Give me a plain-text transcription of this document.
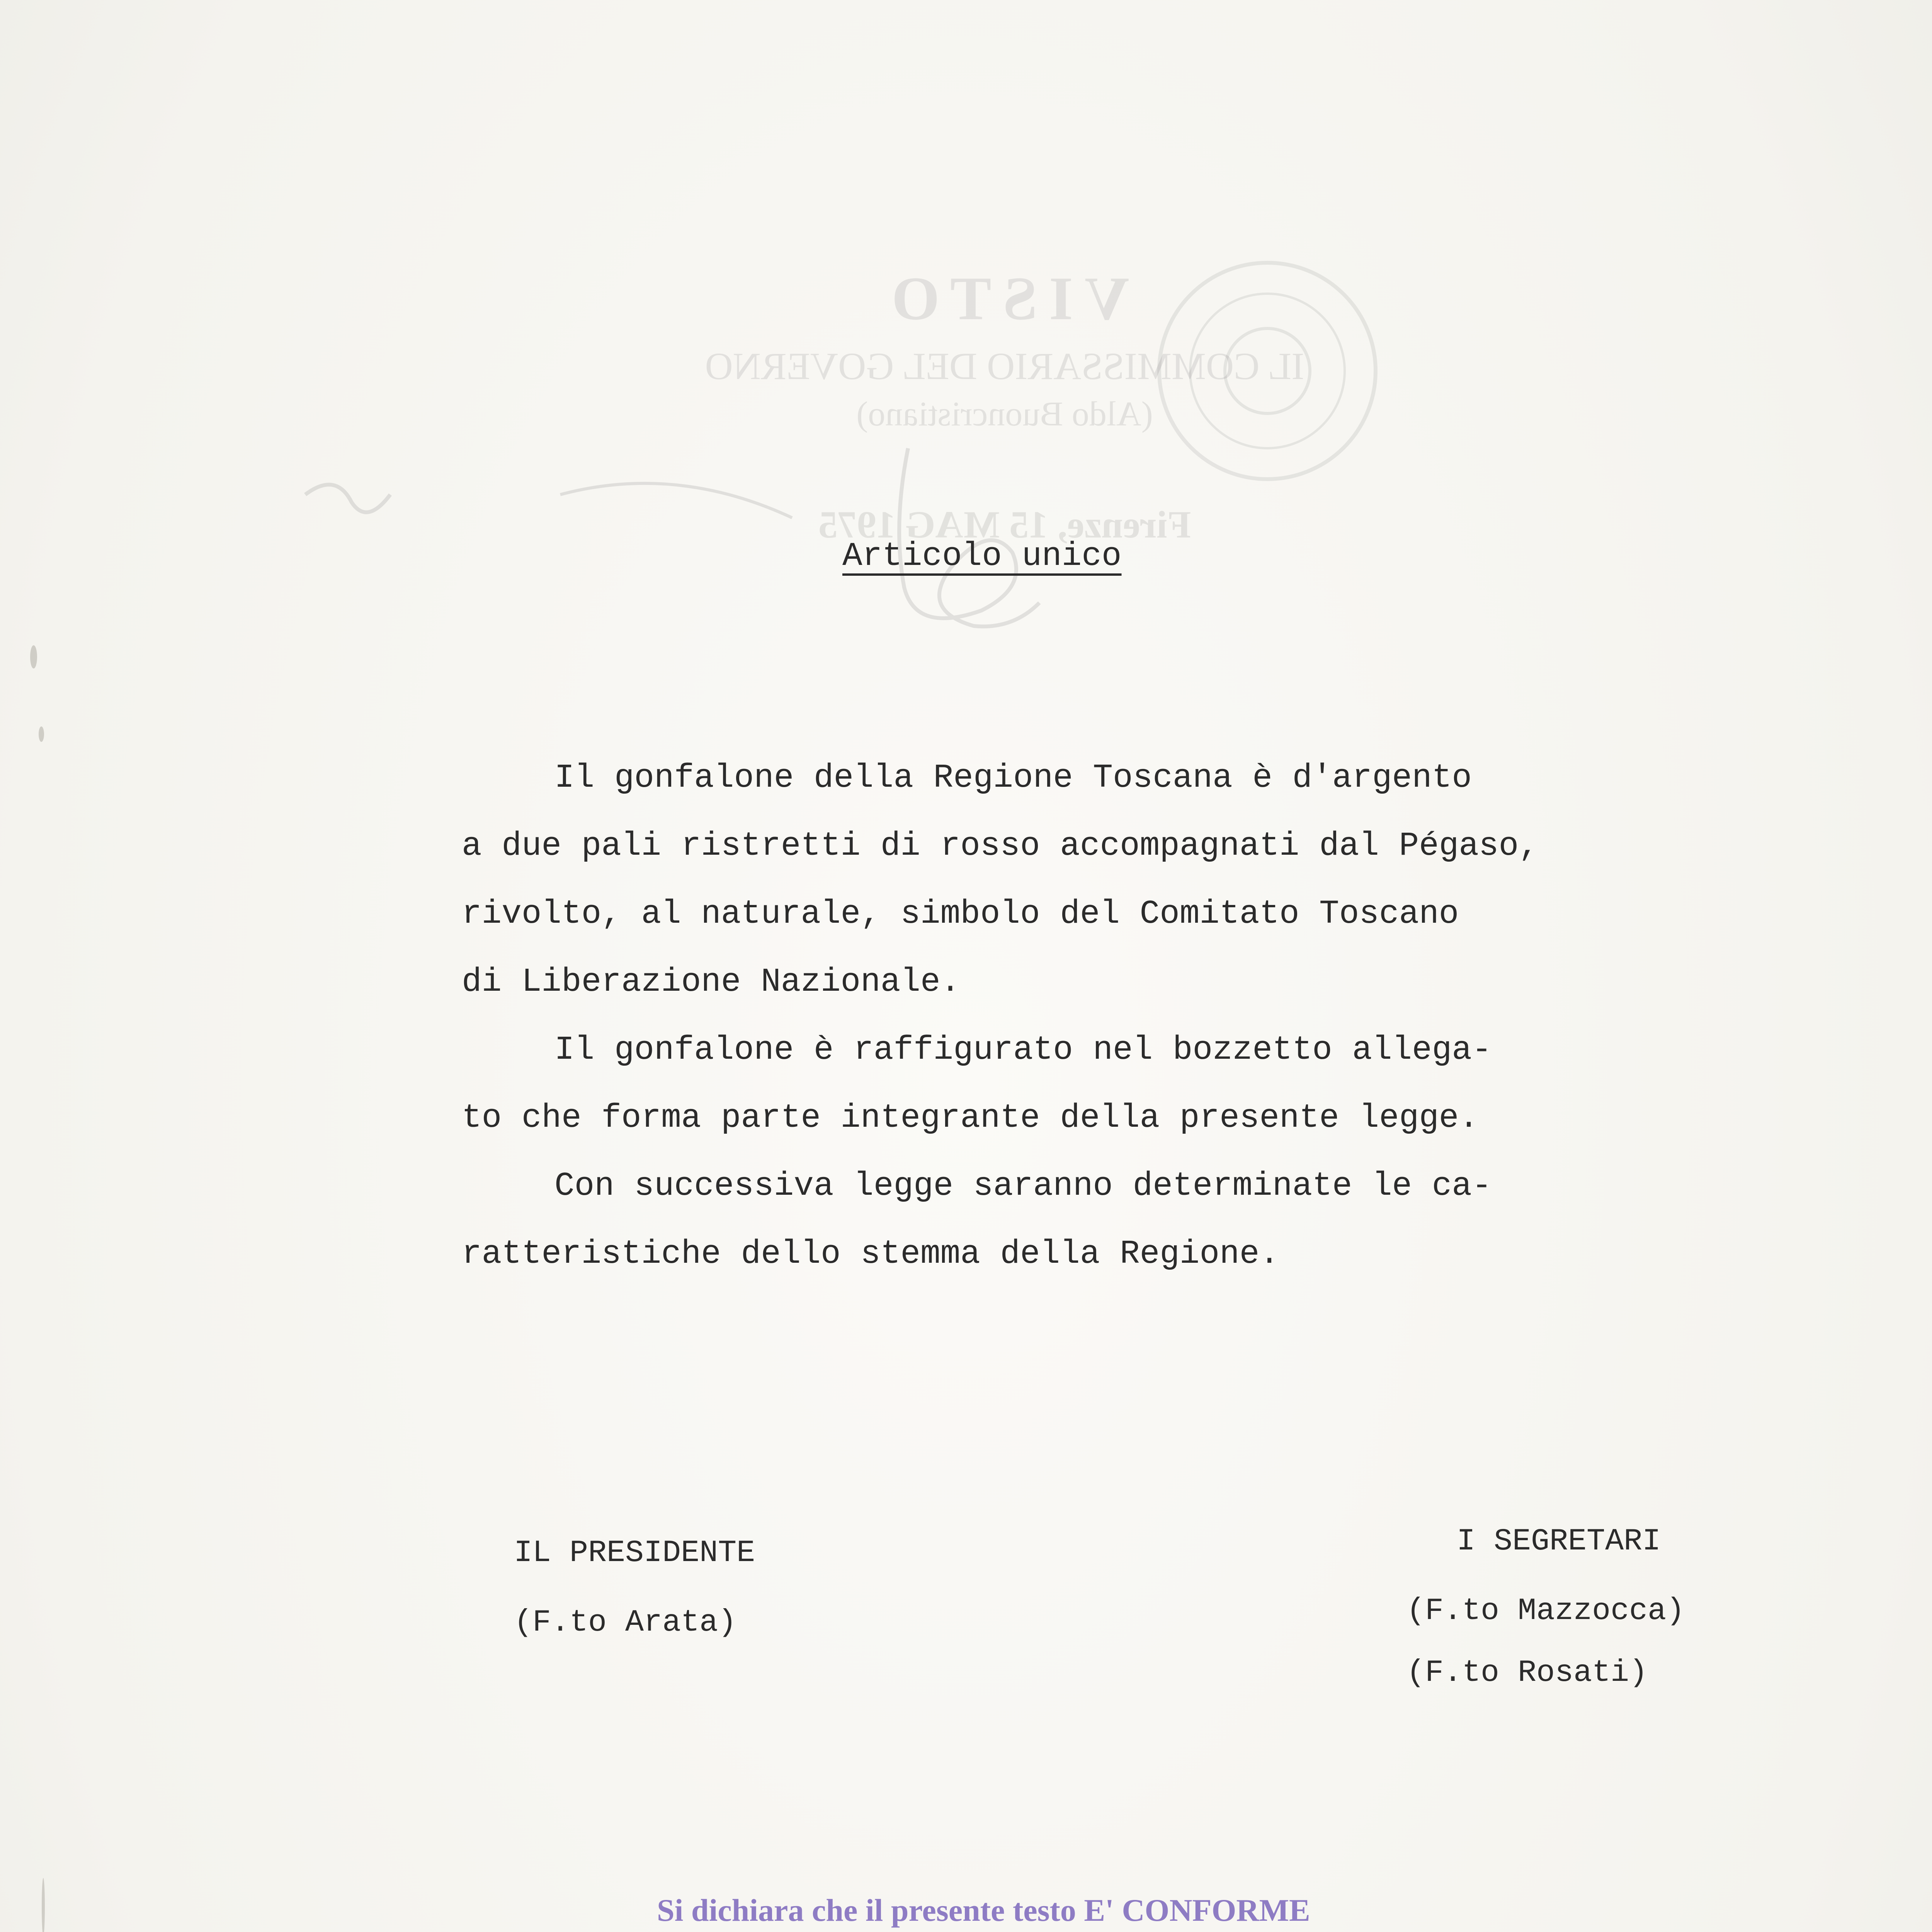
VISTO
IL COMMISSARIO DEL GOVERNO
(Aldo Buoncristiano)
Firenze, 15 MAG 1975
Articolo unico

Il gonfalone della Regione Toscana è d'argento

a due pali ristretti di rosso accompagnati dal Pégaso,

rivolto, al naturale, simbolo del Comitato Toscano

di Liberazione Nazionale.

Il gonfalone è raffigurato nel bozzetto allega-

to che forma parte integrante della presente legge.

Con successiva legge saranno determinate le ca-

ratteristiche dello stemma della Regione.

IL PRESIDENTE
(F.to Arata)
I SEGRETARI
(F.to Mazzocca)
(F.to Rosati)
Si dichiara che il presente testo E' CONFORME
